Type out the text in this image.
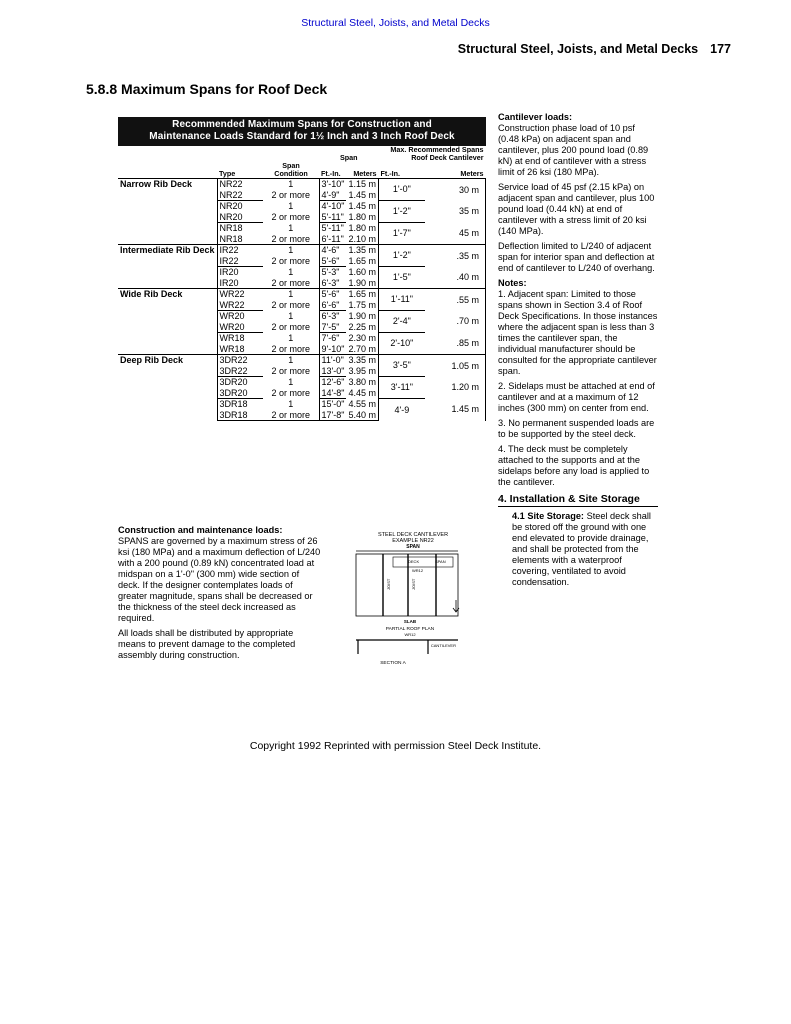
Structural Steel, Joists, and Metal Decks
Structural Steel, Joists, and Metal Decks 177
5.8.8 Maximum Spans for Roof Deck
Recommended Maximum Spans for Construction and
Maintenance Loads Standard for 1½ Inch and 3 Inch Roof Deck
			Span		Max. Recommended Spans Roof Deck Cantilever	
	Type	Span Condition	Ft.-In.	Meters	Ft.-In.	Meters
Narrow Rib Deck	NR22	1	3'-10"	1.15 m	1'-0"	30 m
	NR22	2 or more	4'-9"	1.45 m		
	NR20	1	4'-10"	1.45 m	1'-2"	35 m
	NR20	2 or more	5'-11"	1.80 m		
	NR18	1	5'-11"	1.80 m	1'-7"	45 m
	NR18	2 or more	6'-11"	2.10 m		
Intermediate Rib Deck	IR22	1	4'-6"	1.35 m	1'-2"	.35 m
	IR22	2 or more	5'-6"	1.65 m		
	IR20	1	5'-3"	1.60 m	1'-5"	.40 m
	IR20	2 or more	6'-3"	1.90 m		
Wide Rib Deck	WR22	1	5'-6"	1.65 m	1'-11"	.55 m
	WR22	2 or more	6'-6"	1.75 m		
	WR20	1	6'-3"	1.90 m	2'-4"	.70 m
	WR20	2 or more	7'-5"	2.25 m		
	WR18	1	7'-6"	2.30 m	2'-10"	.85 m
	WR18	2 or more	9'-10"	2.70 m		
Deep Rib Deck	3DR22	1	11'-0"	3.35 m	3'-5"	1.05 m
	3DR22	2 or more	13'-0"	3.95 m		
	3DR20	1	12'-6"	3.80 m	3'-11"	1.20 m
	3DR20	2 or more	14'-8"	4.45 m		
	3DR18	1	15'-0"	4.55 m	4'-9	1.45 m
	3DR18	2 or more	17'-8"	5.40 m		

Cantilever loads:
Construction phase load of 10 psf (0.48 kPa) on adjacent span and cantilever, plus 200 pound load (0.89 kN) at end of cantilever with a stress limit of 26 ksi (180 MPa).

Service load of 45 psf (2.15 kPa) on adjacent span and cantilever, plus 100 pound load (0.44 kN) at end of cantilever with a stress limit of 20 ksi (140 MPa).

Deflection limited to L/240 of adjacent span for interior span and deflection at end of cantilever to L/240 of overhang.

Notes:

1. Adjacent span: Limited to those spans shown in Section 3.4 of Roof Deck Specifications. In those instances where the adjacent span is less than 3 times the cantilever span, the individual manufacturer should be consulted for the appropriate cantilever span.

2. Sidelaps must be attached at end of cantilever and at a maximum of 12 inches (300 mm) on center from end.

3. No permanent suspended loads are to be supported by the steel deck.

4. The deck must be completely attached to the supports and at the sidelaps before any load is applied to the cantilever.

4. Installation & Site Storage

4.1 Site Storage: Steel deck shall be stored off the ground with one end elevated to provide drainage, and shall be protected from the elements with a waterproof covering, ventilated to avoid condensation.

Construction and maintenance loads:
SPANS are governed by a maximum stress of 26 ksi (180 MPa) and a maximum deflection of L/240 with a 200 pound (0.89 kN) concentrated load at midspan on a 1'-0" (300 mm) wide section of deck. If the designer contemplates loads of greater magnitude, spans shall be decreased or the thickness of the steel deck increased as required.

All loads shall be distributed by appropriate means to prevent damage to the completed assembly during construction.

STEEL DECK CANTILEVER
EXAMPLE NR22
SPAN
DECK	SPAN
WR12
JOIST	JOIST
SLAB
PARTIAL ROOF PLAN
WR12
CANTILEVER
SECTION A
Copyright 1992 Reprinted with permission Steel Deck Institute.
